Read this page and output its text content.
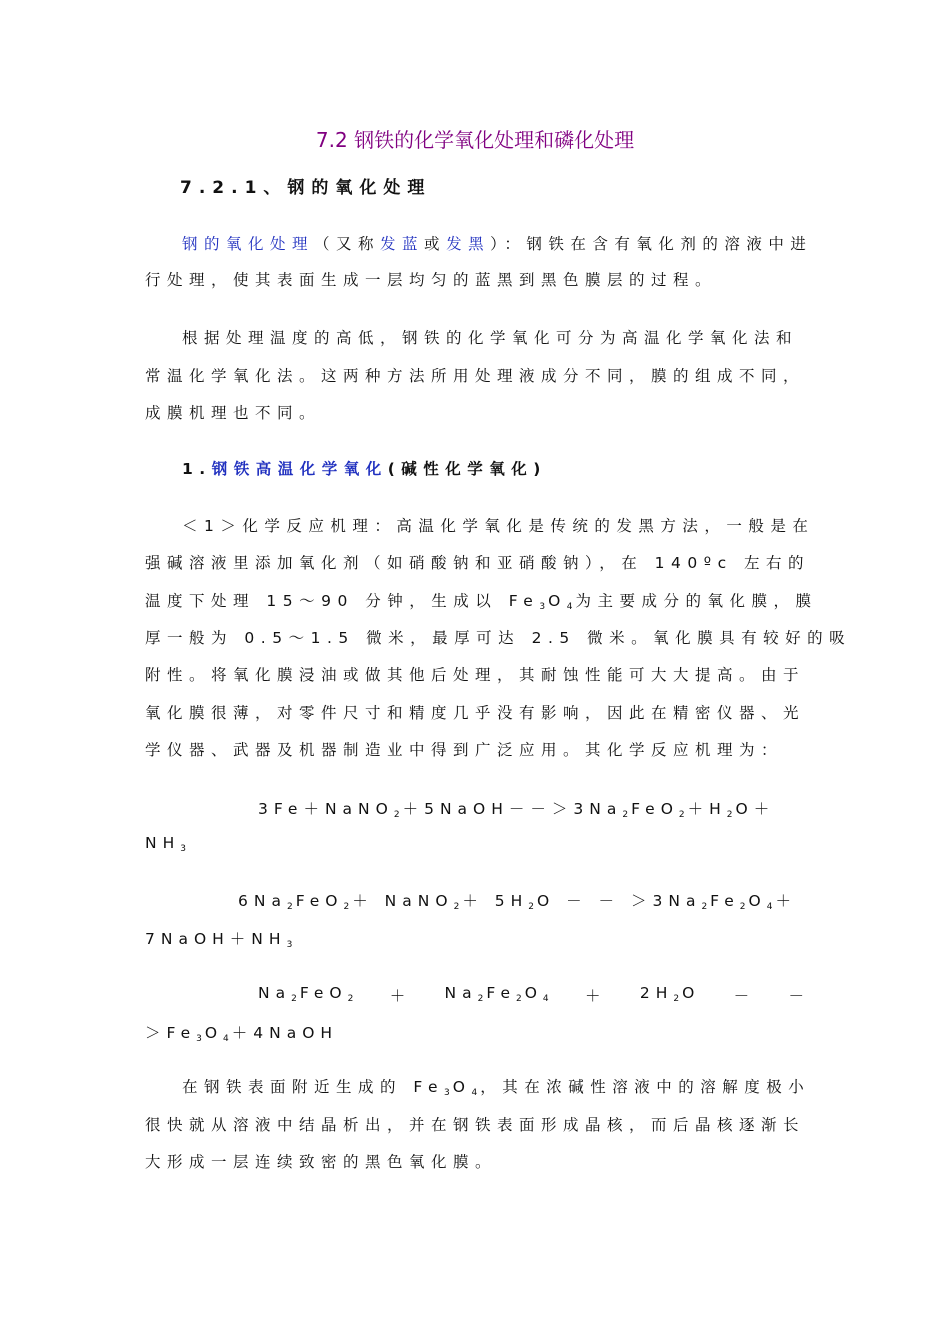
7.2 钢铁的化学氧化处理和磷化处理
7.2.1、钢的氧化处理
钢的氧化处理（又称发蓝或发黑）：钢铁在含有氧化剂的溶液中进
行处理，使其表面生成一层均匀的蓝黑到黑色膜层的过程。
根据处理温度的高低，钢铁的化学氧化可分为高温化学氧化法和
常温化学氧化法。这两种方法所用处理液成分不同，膜的组成不同，
成膜机理也不同。
1.钢铁高温化学氧化(碱性化学氧化)
＜1＞化学反应机理：高温化学氧化是传统的发黑方法，一般是在
强碱溶液里添加氧化剂（如硝酸钠和亚硝酸钠），在 140ºc 左右的
温度下处理 15～90 分钟，生成以 $Fe_3O_4$为主要成分的氧化膜，膜
厚一般为 0.5～1.5 微米，最厚可达 2.5 微米。氧化膜具有较好的吸
附性。将氧化膜浸油或做其他后处理，其耐蚀性能可大大提高。由于
氧化膜很薄，对零件尺寸和精度几乎没有影响，因此在精密仪器、光
学仪器、武器及机器制造业中得到广泛应用。其化学反应机理为：
$3Fe+NaNO_2+5NaOH-->3Na_2FeO_2+H_2O+$
$NH_3$
$6Na_2FeO_2+$ NaNO$_2$＋ $5H_2O$ － － $>3Na_2Fe_2O_4+$
$7NaOH+NH_3$
$Na_2FeO_2 + Na_2Fe_2O_4 + 2H_2O$ － －
$>Fe_3O_4+4NaOH$
在钢铁表面附近生成的 $Fe_3O_4$，其在浓碱性溶液中的溶解度极小
很快就从溶液中结晶析出，并在钢铁表面形成晶核，而后晶核逐渐长
大形成一层连续致密的黑色氧化膜。
